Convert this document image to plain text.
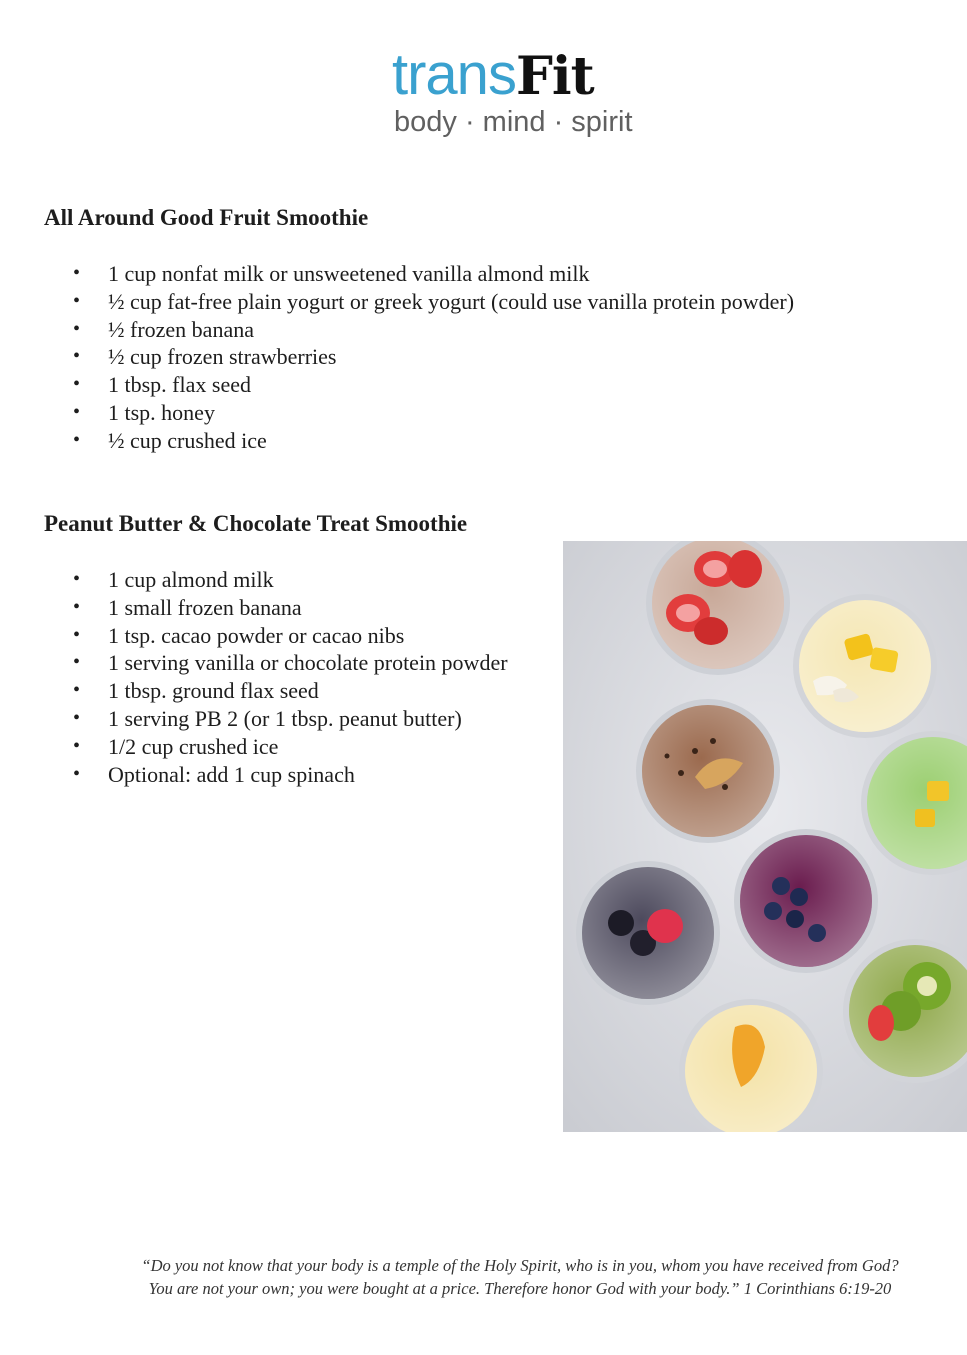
transFit
body · mind · spirit
All Around Good Fruit Smoothie
• 1 cup nonfat milk or unsweetened vanilla almond milk
• ½ cup fat-free plain yogurt or greek yogurt (could use vanilla protein powder)
• ½ frozen banana
• ½ cup frozen strawberries
• 1 tbsp. flax seed
• 1 tsp. honey
• ½ cup crushed ice
Peanut Butter & Chocolate Treat Smoothie
• 1 cup almond milk
• 1 small frozen banana
• 1 tsp. cacao powder or cacao nibs
• 1 serving vanilla or chocolate protein powder
• 1 tbsp. ground flax seed
• 1 serving PB 2 (or 1 tbsp. peanut butter)
• 1/2 cup crushed ice
• Optional: add 1 cup spinach
“Do you not know that your body is a temple of the Holy Spirit, who is in you, whom you have received from God?
You are not your own; you were bought at a price. Therefore honor God with your body.” 1 Corinthians 6:19-20
